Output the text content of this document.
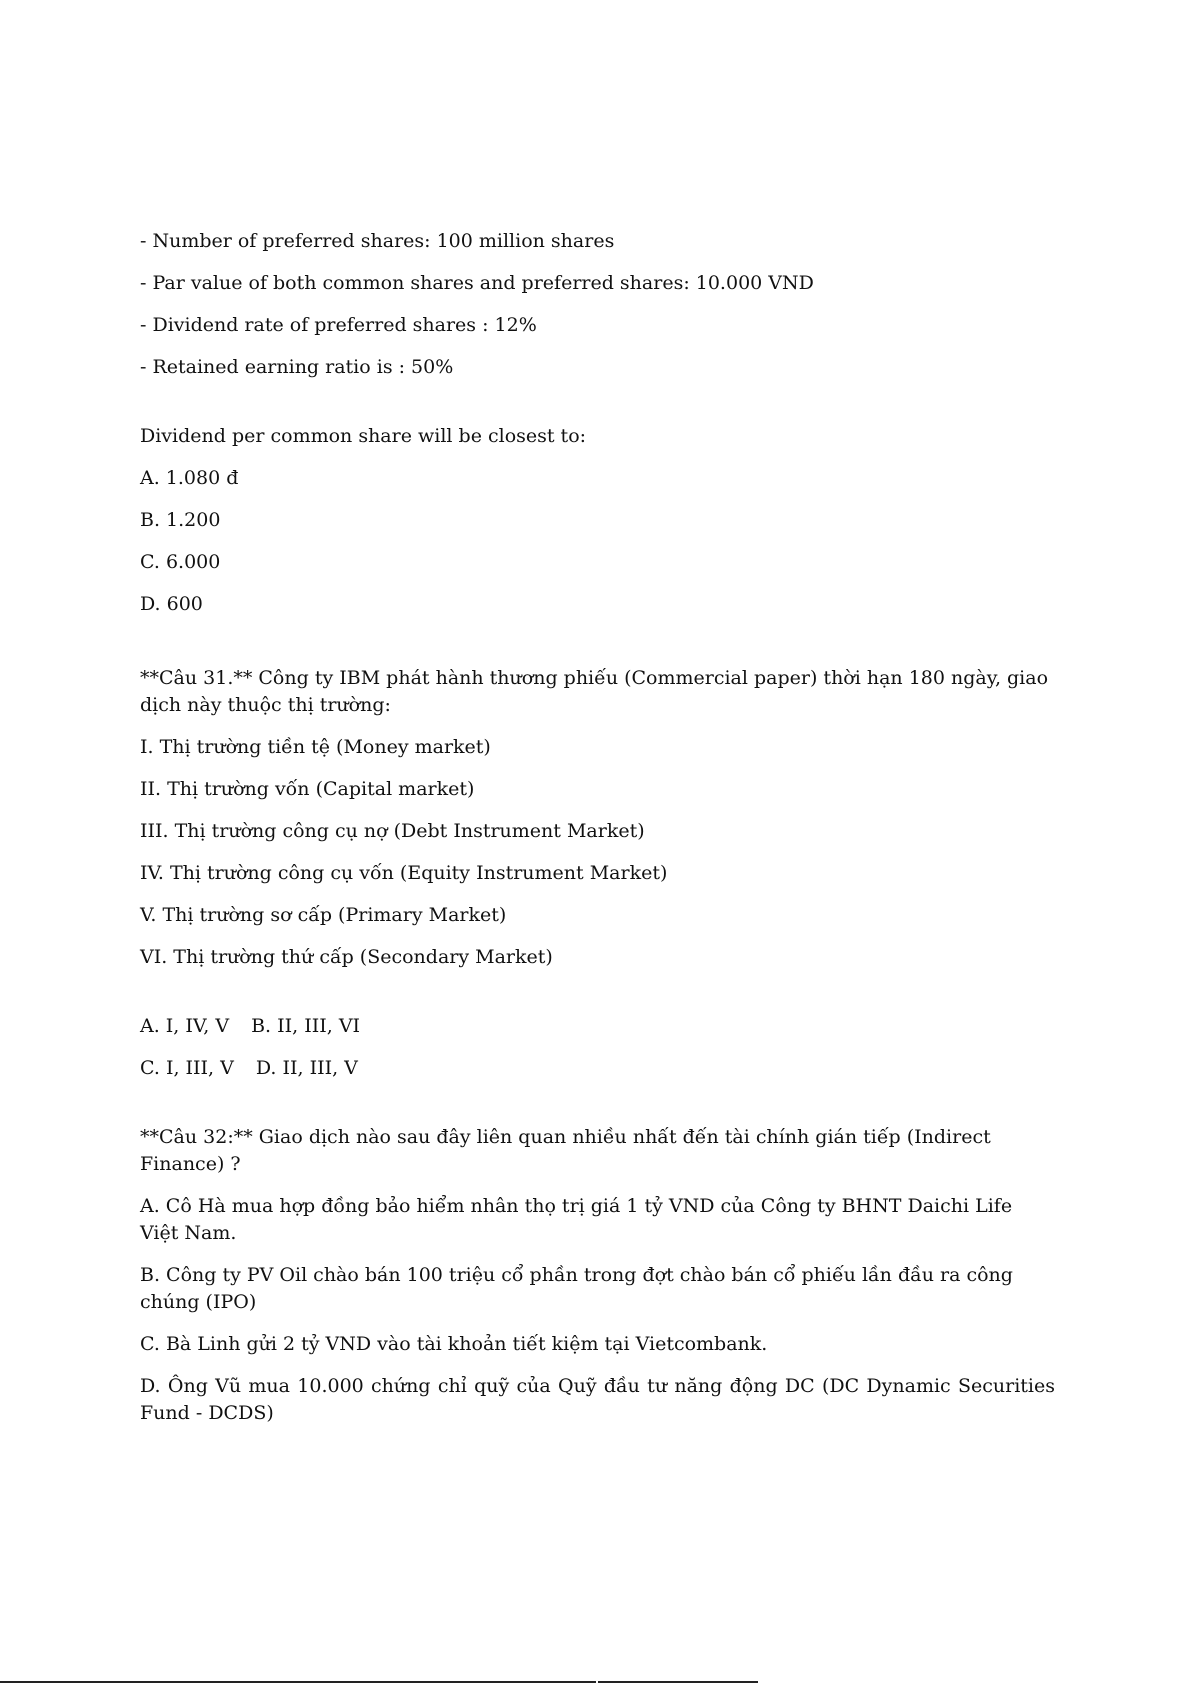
- Number of preferred shares: 100 million shares

- Par value of both common shares and preferred shares: 10.000 VND

- Dividend rate of preferred shares : 12%

- Retained earning ratio is : 50%

Dividend per common share will be closest to:

A. 1.080 đ

B. 1.200

C. 6.000

D. 600

**Câu 31.** Công ty IBM phát hành thương phiếu (Commercial paper) thời hạn 180 ngày, giao dịch này thuộc thị trường:

I. Thị trường tiền tệ (Money market)

II. Thị trường vốn (Capital market)

III. Thị trường công cụ nợ (Debt Instrument Market)

IV. Thị trường công cụ vốn (Equity Instrument Market)

V. Thị trường sơ cấp (Primary Market)

VI. Thị trường thứ cấp (Secondary Market)

A. I, IV, V B. II, III, VI
C. I, III, V D. II, III, V

**Câu 32:** Giao dịch nào sau đây liên quan nhiều nhất đến tài chính gián tiếp (Indirect Finance) ?

A. Cô Hà mua hợp đồng bảo hiểm nhân thọ trị giá 1 tỷ VND của Công ty BHNT Daichi Life Việt Nam.

B. Công ty PV Oil chào bán 100 triệu cổ phần trong đợt chào bán cổ phiếu lần đầu ra công chúng (IPO)

C. Bà Linh gửi 2 tỷ VND vào tài khoản tiết kiệm tại Vietcombank.

D. Ông Vũ mua 10.000 chứng chỉ quỹ của Quỹ đầu tư năng động DC (DC Dynamic Securities Fund - DCDS)
